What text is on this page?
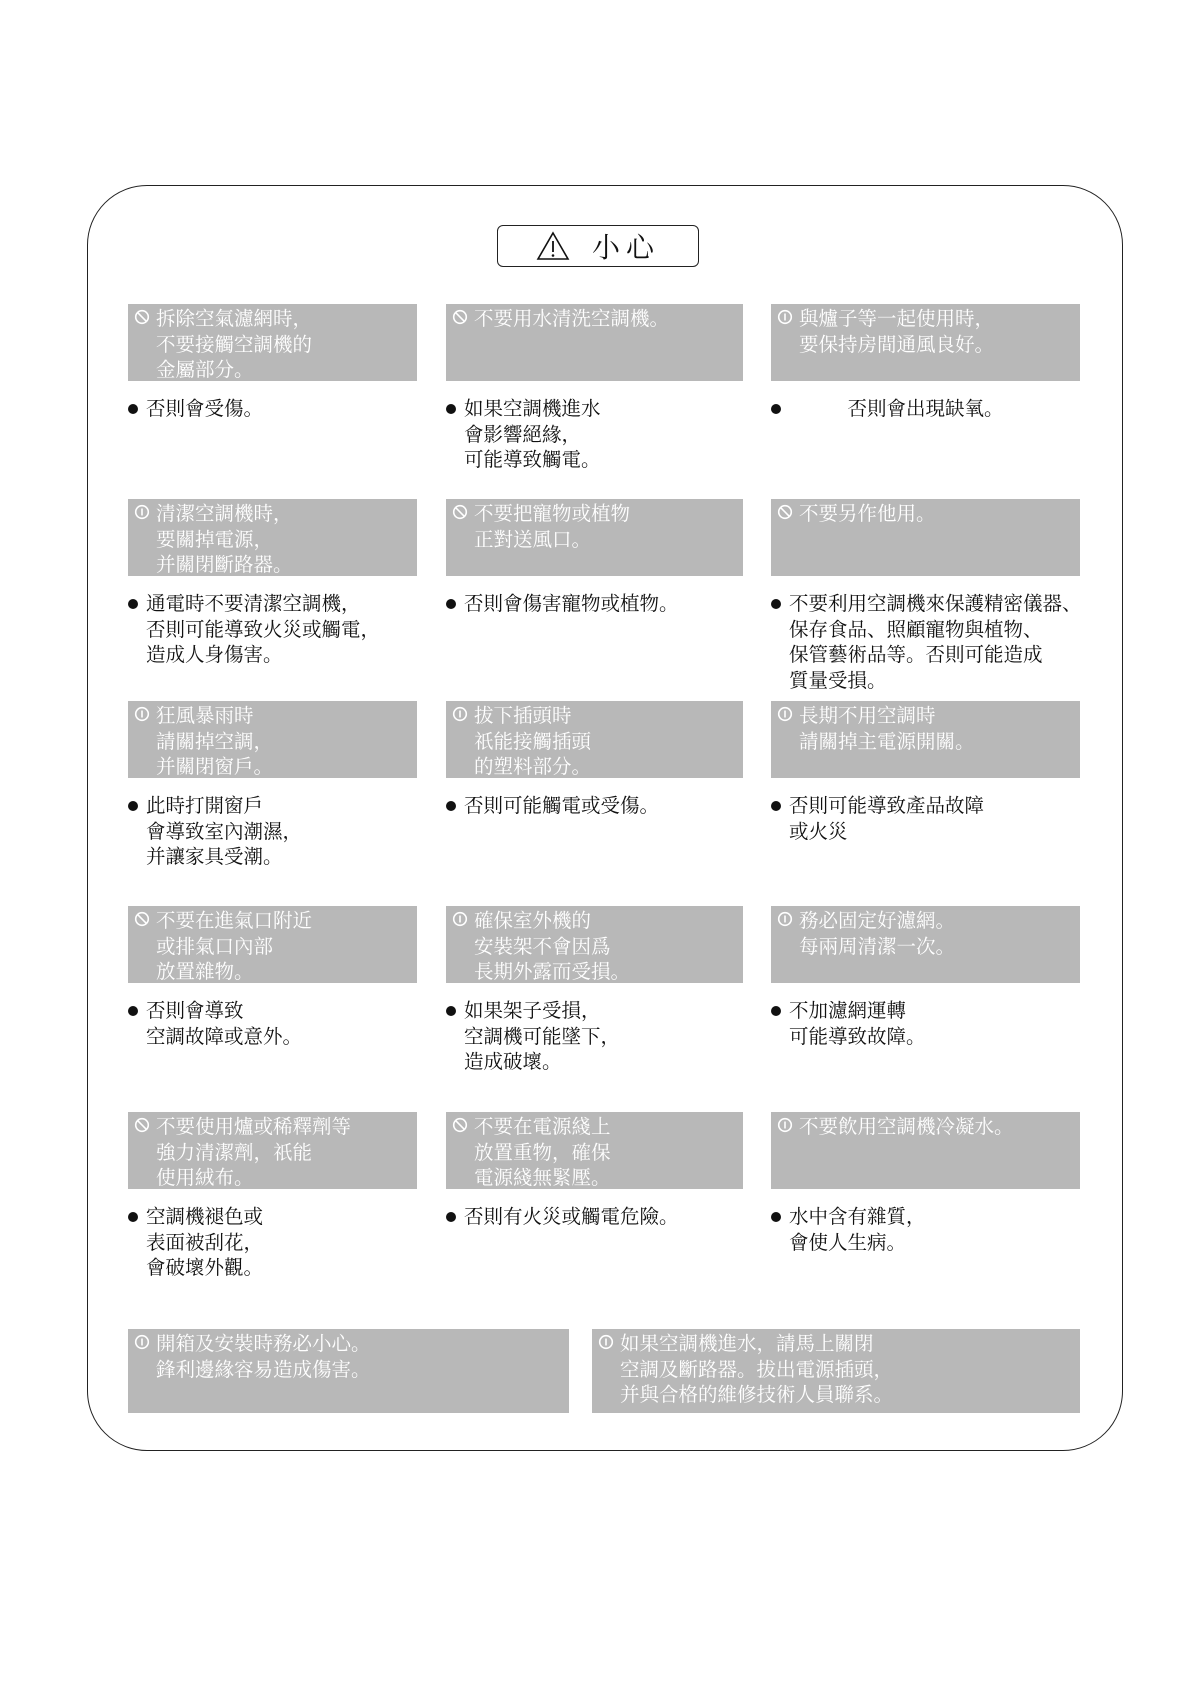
小心
拆除空氣濾網時，
不要接觸空調機的
金屬部分。
否則會受傷。
不要用水清洗空調機。
如果空調機進水
會影響絕緣，
可能導致觸電。
與爐子等一起使用時，
要保持房間通風良好。
　　　否則會出現缺氧。
清潔空調機時，
要關掉電源，
并關閉斷路器。
通電時不要清潔空調機，
否則可能導致火災或觸電，
造成人身傷害。
不要把寵物或植物
正對送風口。
否則會傷害寵物或植物。
不要另作他用。
不要利用空調機來保護精密儀器、
保存食品、照顧寵物與植物、
保管藝術品等。否則可能造成
質量受損。
狂風暴雨時
請關掉空調，
并關閉窗戶。
此時打開窗戶
會導致室內潮濕，
并讓家具受潮。
拔下插頭時
祇能接觸插頭
的塑料部分。
否則可能觸電或受傷。
長期不用空調時
請關掉主電源開關。
否則可能導致產品故障
或火災
不要在進氣口附近
或排氣口內部
放置雜物。
否則會導致
空調故障或意外。
確保室外機的
安裝架不會因爲
長期外露而受損。
如果架子受損，
空調機可能墜下，
造成破壞。
務必固定好濾網。
每兩周清潔一次。
不加濾網運轉
可能導致故障。
不要使用爐或稀釋劑等
強力清潔劑，祇能
使用絨布。
空調機褪色或
表面被刮花，
會破壞外觀。
不要在電源綫上
放置重物，確保
電源綫無緊壓。
否則有火災或觸電危險。
不要飲用空調機冷凝水。
水中含有雜質，
會使人生病。
開箱及安裝時務必小心。
鋒利邊緣容易造成傷害。
如果空調機進水，請馬上關閉
空調及斷路器。拔出電源插頭，
并與合格的維修技術人員聯系。
